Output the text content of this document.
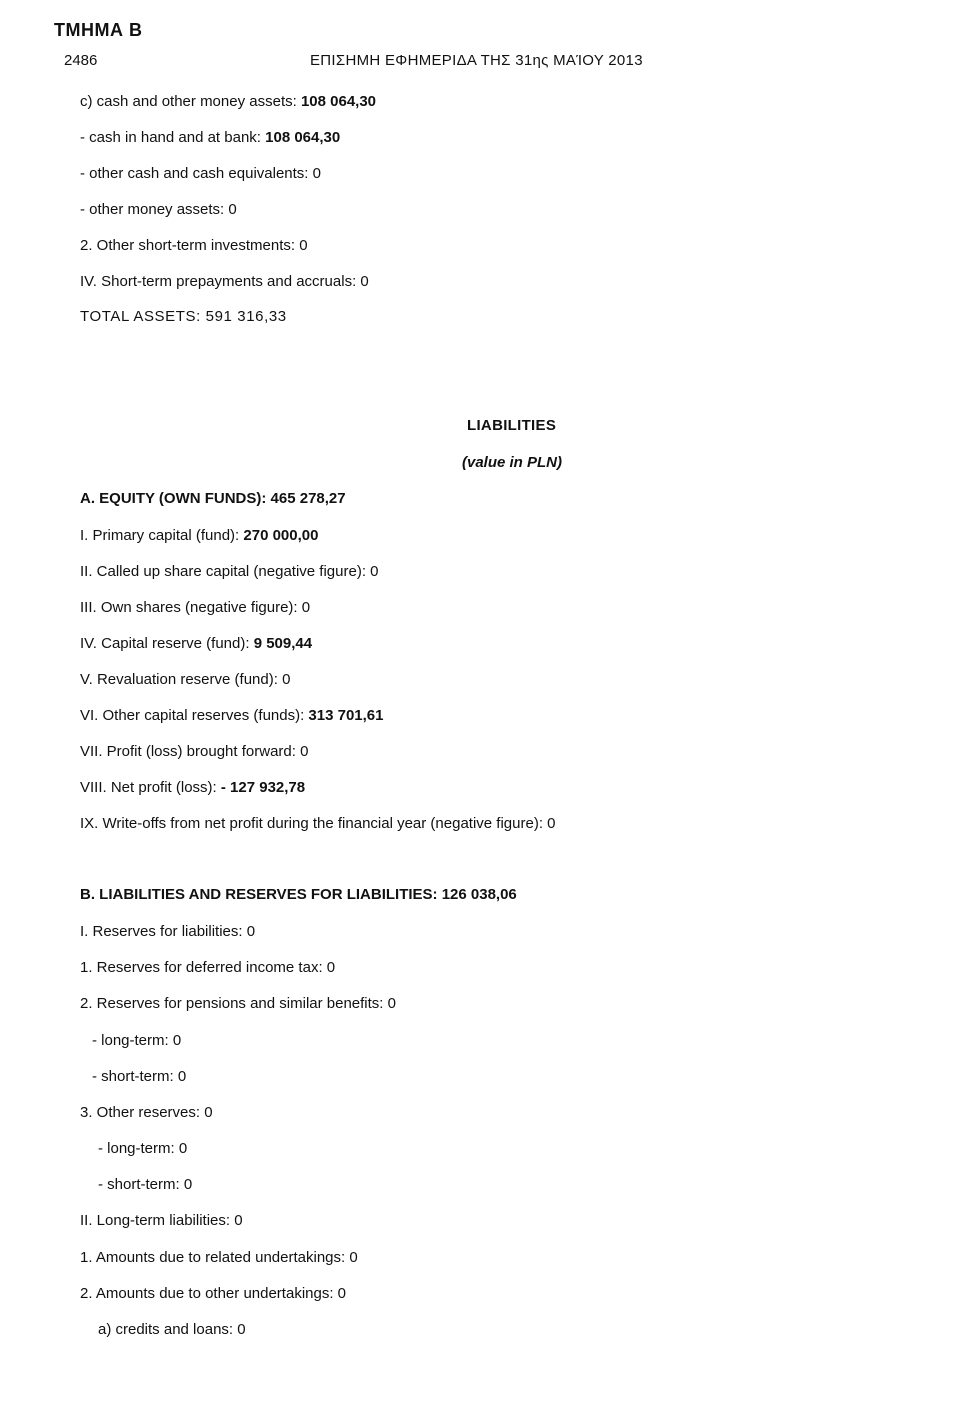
ΤΜΗΜΑ Β
2486	ΕΠΙΣΗΜΗ ΕΦΗΜΕΡΙΔΑ ΤΗΣ 31ης ΜΑΊΟΥ 2013
c) cash and other money assets: 108 064,30
- cash in hand and at bank: 108 064,30
- other cash and cash equivalents: 0
- other money assets: 0
2. Other short-term investments: 0
IV. Short-term prepayments and accruals: 0
TOTAL ASSETS: 591 316,33
LIABILITIES
(value in PLN)
A. EQUITY (OWN FUNDS): 465 278,27
I. Primary capital (fund): 270 000,00
II. Called up share capital (negative figure): 0
III. Own shares (negative figure): 0
IV. Capital reserve (fund): 9 509,44
V. Revaluation reserve (fund): 0
VI. Other capital reserves (funds): 313 701,61
VII. Profit (loss) brought forward: 0
VIII. Net profit (loss): - 127 932,78
IX. Write-offs from net profit during the financial year (negative figure): 0
B. LIABILITIES AND RESERVES FOR LIABILITIES: 126 038,06
I. Reserves for liabilities: 0
1. Reserves for deferred income tax: 0
2. Reserves for pensions and similar benefits: 0
- long-term: 0
- short-term: 0
3. Other reserves: 0
- long-term: 0
- short-term: 0
II. Long-term liabilities: 0
1. Amounts due to related undertakings: 0
2. Amounts due to other undertakings: 0
a) credits and loans: 0
